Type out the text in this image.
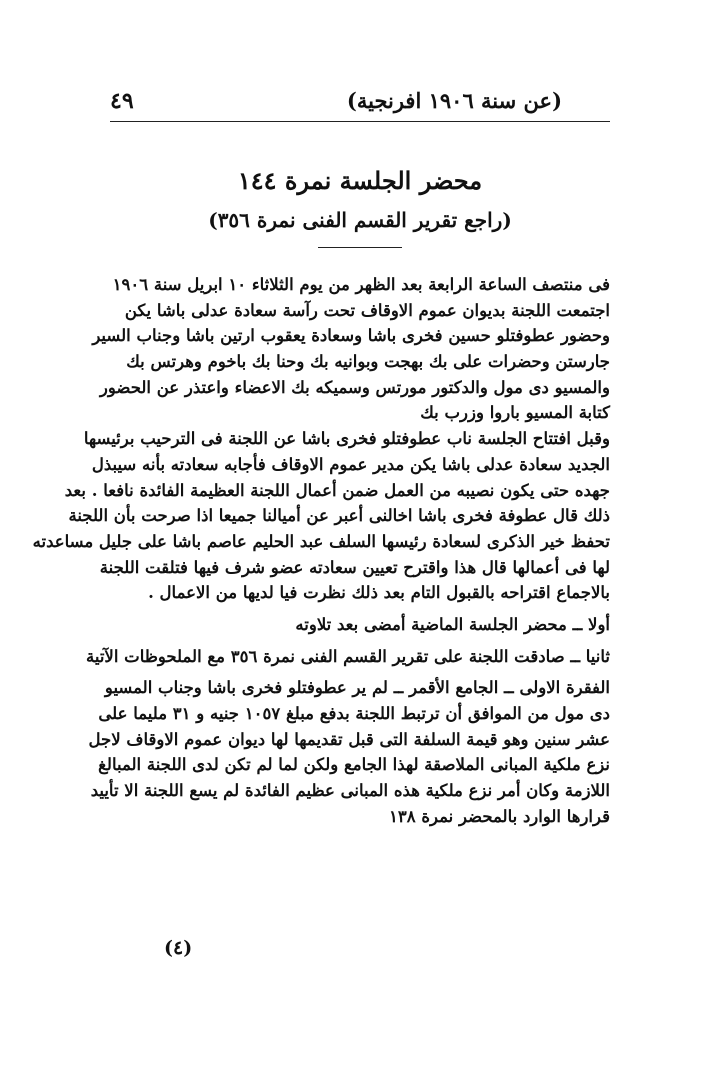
(عن سنة ١٩٠٦ افرنجية)
٤٩
محضر الجلسة نمرة ١٤٤
(راجع تقرير القسم الفنى نمرة ٣٥٦)
فى منتصف الساعة الرابعة بعد الظهر من يوم الثلاثاء ١٠ ابريل سنة ١٩٠٦
اجتمعت اللجنة بديوان عموم الاوقاف تحت رآسة سعادة عدلى باشا يكن
وحضور عطوفتلو حسين فخرى باشا وسعادة يعقوب ارتين باشا وجناب السير
جارستن وحضرات على بك بهجت وبوانيه بك وحنا بك باخوم وهرتس بك
والمسيو دى مول والدكتور مورتس وسميكه بك الاعضاء واعتذر عن الحضور
كتابة المسيو باروا وزرب بك
وقبل افتتاح الجلسة ناب عطوفتلو فخرى باشا عن اللجنة فى الترحيب برئيسها
الجديد سعادة عدلى باشا يكن مدير عموم الاوقاف فأجابه سعادته بأنه سيبذل
جهده حتى يكون نصيبه من العمل ضمن أعمال اللجنة العظيمة الفائدة نافعا . بعد
ذلك قال عطوفة فخرى باشا اخالنى أعبر عن أميالنا جميعا اذا صرحت بأن اللجنة
تحفظ خير الذكرى لسعادة رئيسها السلف عبد الحليم عاصم باشا على جليل مساعدته
لها فى أعمالها قال هذا واقترح تعيين سعادته عضو شرف فيها فتلقت اللجنة
بالاجماع اقتراحه بالقبول التام بعد ذلك نظرت فيا لديها من الاعمال .
أولا ــ محضر الجلسة الماضية أمضى بعد تلاوته
ثانيا ــ صادقت اللجنة على تقرير القسم الفنى نمرة ٣٥٦ مع الملحوظات الآتية
الفقرة الاولى ــ الجامع الأقمر ــ لم ير عطوفتلو فخرى باشا وجناب المسيو
دى مول من الموافق أن ترتبط اللجنة بدفع مبلغ ١٠٥٧ جنيه و ٣١ مليما على
عشر سنين وهو قيمة السلفة التى قبل تقديمها لها ديوان عموم الاوقاف لاجل
نزع ملكية المبانى الملاصقة لهذا الجامع ولكن لما لم تكن لدى اللجنة المبالغ
اللازمة وكان أمر نزع ملكية هذه المبانى عظيم الفائدة لم يسع اللجنة الا تأييد
قرارها الوارد بالمحضر نمرة ١٣٨
(٤)
